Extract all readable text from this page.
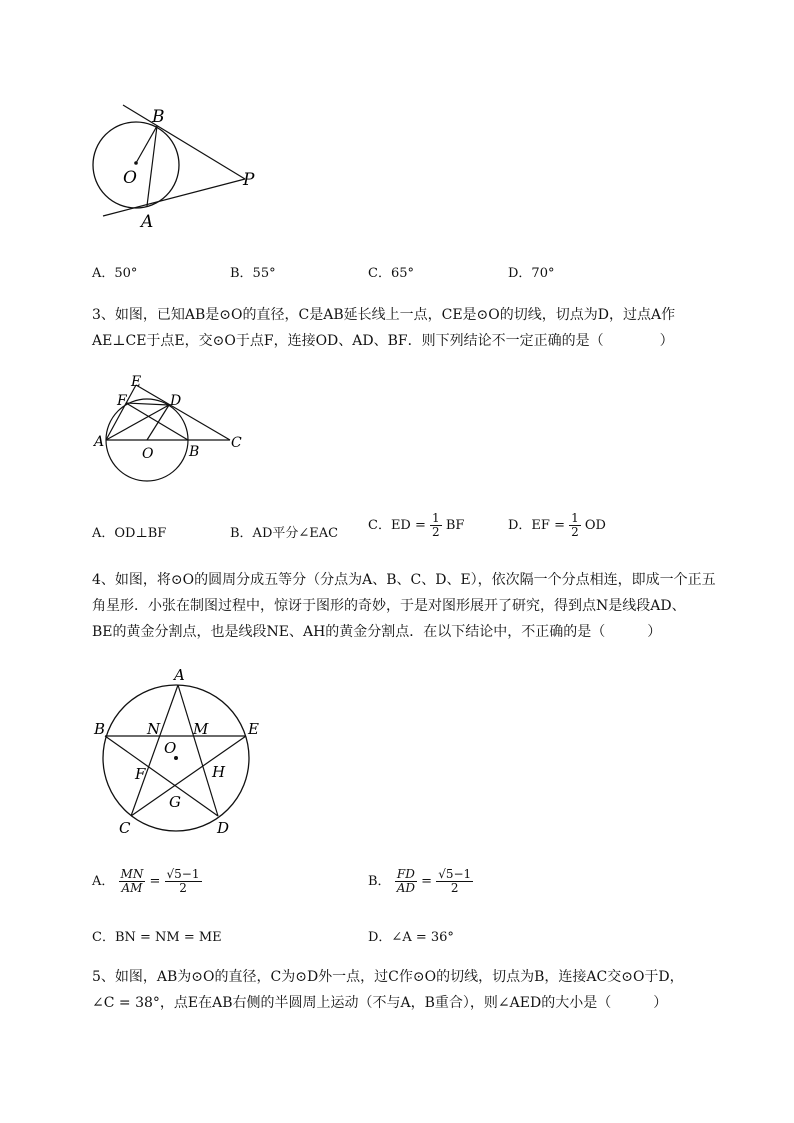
B
O	P
A
A．50°	B．55°	C．65°	D．70°
3、如图，已知AB是⊙O的直径，C是AB延长线上一点，CE是⊙O的切线，切点为D，过点A作
AE⊥CE于点E，交⊙O于点F，连接OD、AD、BF．则下列结论不一定正确的是（　　　　）
E
F	D
A
O	B
C
A．OD⊥BF	B．AD平分∠EAC
C．ED = $\frac{1}{2}$ BF	D．EF = $\frac{1}{2}$ OD
4、如图，将⊙O的圆周分成五等分（分点为A、B、C、D、E），依次隔一个分点相连，即成一个正五
角星形．小张在制图过程中，惊讶于图形的奇妙，于是对图形展开了研究，得到点N是线段AD、
BE的黄金分割点，也是线段NE、AH的黄金分割点．在以下结论中，不正确的是（　　　）
A
B	E
N M
O
F	H
G
C	D
A． $\frac{MN}{AM} = \frac{√5-1}{2}$	B． $\frac{FD}{AD} = \frac{√5-1}{2}$
C．BN = NM = ME	D．∠A = 36°
5、如图，AB为⊙O的直径，C为⊙D外一点，过C作⊙O的切线，切点为B，连接AC交⊙O于D，
∠C = 38°，点E在AB右侧的半圆周上运动（不与A，B重合），则∠AED的大小是（　　　）
